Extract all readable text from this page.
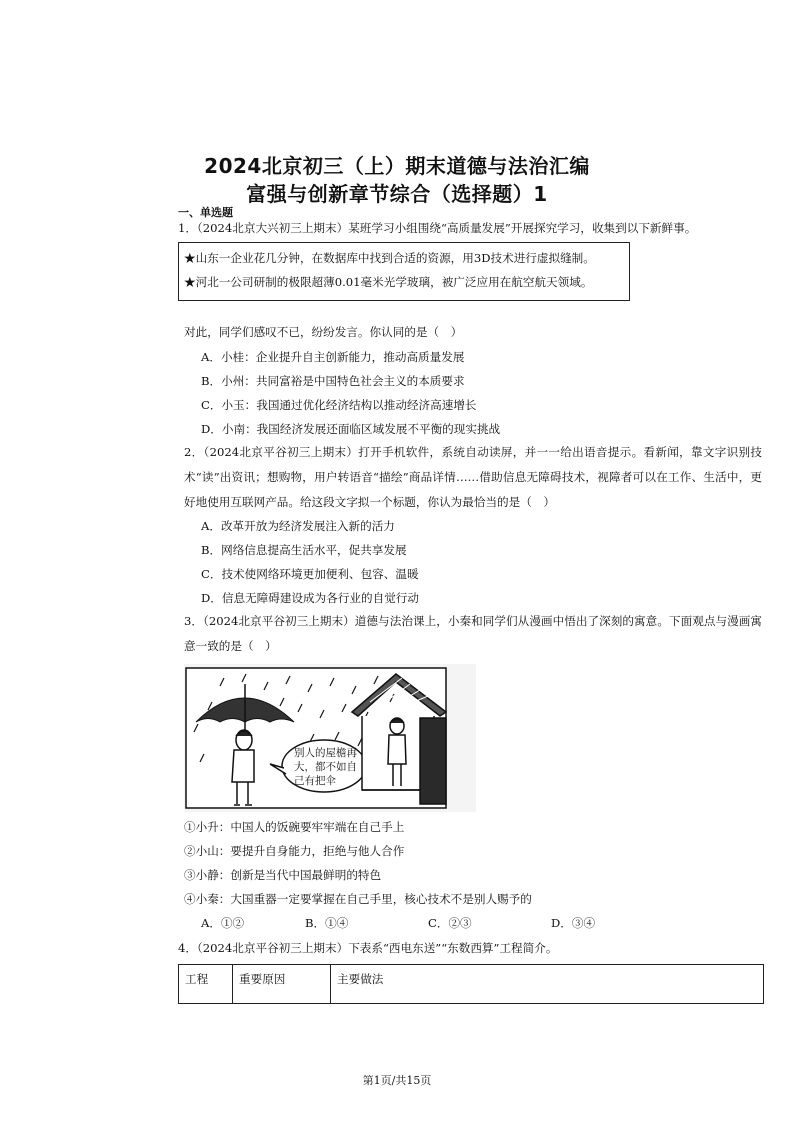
2024北京初三（上）期末道德与法治汇编
富强与创新章节综合（选择题）1
一、单选题
1．（2024北京大兴初三上期末）某班学习小组围绕“高质量发展”开展探究学习，收集到以下新鲜事。
★山东一企业花几分钟，在数据库中找到合适的资源，用3D技术进行虚拟缝制。
★河北一公司研制的极限超薄0.01毫米光学玻璃，被广泛应用在航空航天领域。
对此，同学们感叹不已，纷纷发言。你认同的是（　）
A．小桂：企业提升自主创新能力，推动高质量发展
B．小州：共同富裕是中国特色社会主义的本质要求
C．小玉：我国通过优化经济结构以推动经济高速增长
D．小南：我国经济发展还面临区域发展不平衡的现实挑战
2．（2024北京平谷初三上期末）打开手机软件，系统自动读屏，并一一给出语音提示。看新闻，靠文字识别技术“读”出资讯；想购物，用户转语音“描绘”商品详情……借助信息无障碍技术，视障者可以在工作、生活中，更好地使用互联网产品。给这段文字拟一个标题，你认为最恰当的是（　）
A．改革开放为经济发展注入新的活力
B．网络信息提高生活水平，促共享发展
C．技术使网络环境更加便利、包容、温暖
D．信息无障碍建设成为各行业的自觉行动
3．（2024北京平谷初三上期末）道德与法治课上，小秦和同学们从漫画中悟出了深刻的寓意。下面观点与漫画寓意一致的是（　）
别人的屋檐再
大，都不如自
己有把伞
①小升：中国人的饭碗要牢牢端在自己手上
②小山：要提升自身能力，拒绝与他人合作
③小静：创新是当代中国最鲜明的特色
④小秦：大国重器一定要掌握在自己手里，核心技术不是别人赐予的
A．①②	B．①④	C．②③	D．③④
4．（2024北京平谷初三上期末）下表系“西电东送”“东数西算”工程简介。
工程	重要原因	主要做法
第1页/共15页
